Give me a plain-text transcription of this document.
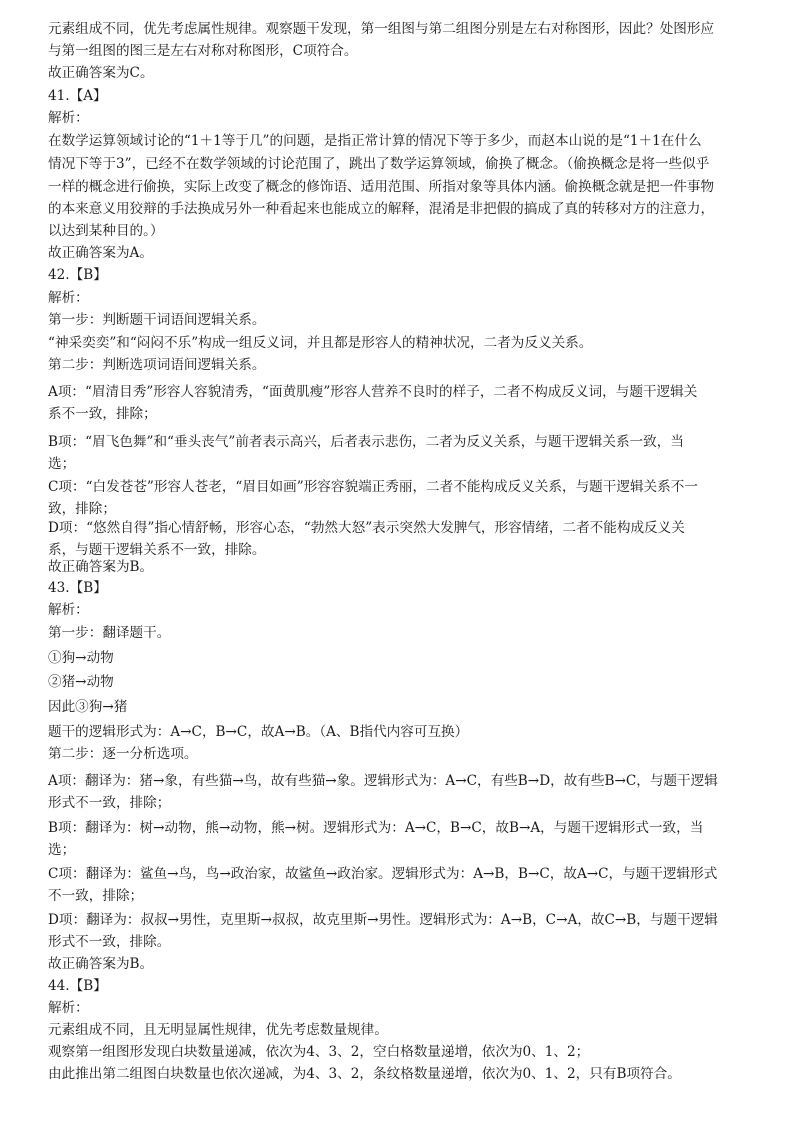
元素组成不同，优先考虑属性规律。观察题干发现，第一组图与第二组图分别是左右对称图形，因此？处图形应
与第一组图的图三是左右对称对称图形，C项符合。
故正确答案为C。
41.【A】
解析：
在数学运算领域讨论的“1＋1等于几”的问题，是指正常计算的情况下等于多少，而赵本山说的是“1＋1在什么
情况下等于3”，已经不在数学领域的讨论范围了，跳出了数学运算领域，偷换了概念。（偷换概念是将一些似乎
一样的概念进行偷换，实际上改变了概念的修饰语、适用范围、所指对象等具体内涵。偷换概念就是把一件事物
的本来意义用狡辩的手法换成另外一种看起来也能成立的解释，混淆是非把假的搞成了真的转移对方的注意力，
以达到某种目的。）
故正确答案为A。
42.【B】
解析：
第一步：判断题干词语间逻辑关系。
“神采奕奕”和“闷闷不乐”构成一组反义词，并且都是形容人的精神状况，二者为反义关系。
第二步：判断选项词语间逻辑关系。
A项：“眉清目秀”形容人容貌清秀，“面黄肌瘦”形容人营养不良时的样子，二者不构成反义词，与题干逻辑关
系不一致，排除；
B项：“眉飞色舞”和“垂头丧气”前者表示高兴，后者表示悲伤，二者为反义关系，与题干逻辑关系一致，当
选；
C项：“白发苍苍”形容人苍老，“眉目如画”形容容貌端正秀丽，二者不能构成反义关系，与题干逻辑关系不一
致，排除；
D项：“悠然自得”指心情舒畅，形容心态，“勃然大怒”表示突然大发脾气，形容情绪，二者不能构成反义关
系，与题干逻辑关系不一致，排除。
故正确答案为B。
43.【B】
解析：
第一步：翻译题干。
①狗→动物
②猪→动物
因此③狗→猪
题干的逻辑形式为：A→C，B→C，故A→B。（A、B指代内容可互换）
第二步：逐一分析选项。
A项：翻译为：猪→象，有些猫→鸟，故有些猫→象。逻辑形式为：A→C，有些B→D，故有些B→C，与题干逻辑
形式不一致，排除；
B项：翻译为：树→动物，熊→动物，熊→树。逻辑形式为：A→C，B→C，故B→A，与题干逻辑形式一致，当
选；
C项：翻译为：鲨鱼→鸟，鸟→政治家，故鲨鱼→政治家。逻辑形式为：A→B，B→C，故A→C，与题干逻辑形式
不一致，排除；
D项：翻译为：叔叔→男性，克里斯→叔叔，故克里斯→男性。逻辑形式为：A→B，C→A，故C→B，与题干逻辑
形式不一致，排除。
故正确答案为B。
44.【B】
解析：
元素组成不同，且无明显属性规律，优先考虑数量规律。
观察第一组图形发现白块数量递减，依次为4、3、2，空白格数量递增，依次为0、1、2；
由此推出第二组图白块数量也依次递减，为4、3、2，条纹格数量递增，依次为0、1、2，只有B项符合。
